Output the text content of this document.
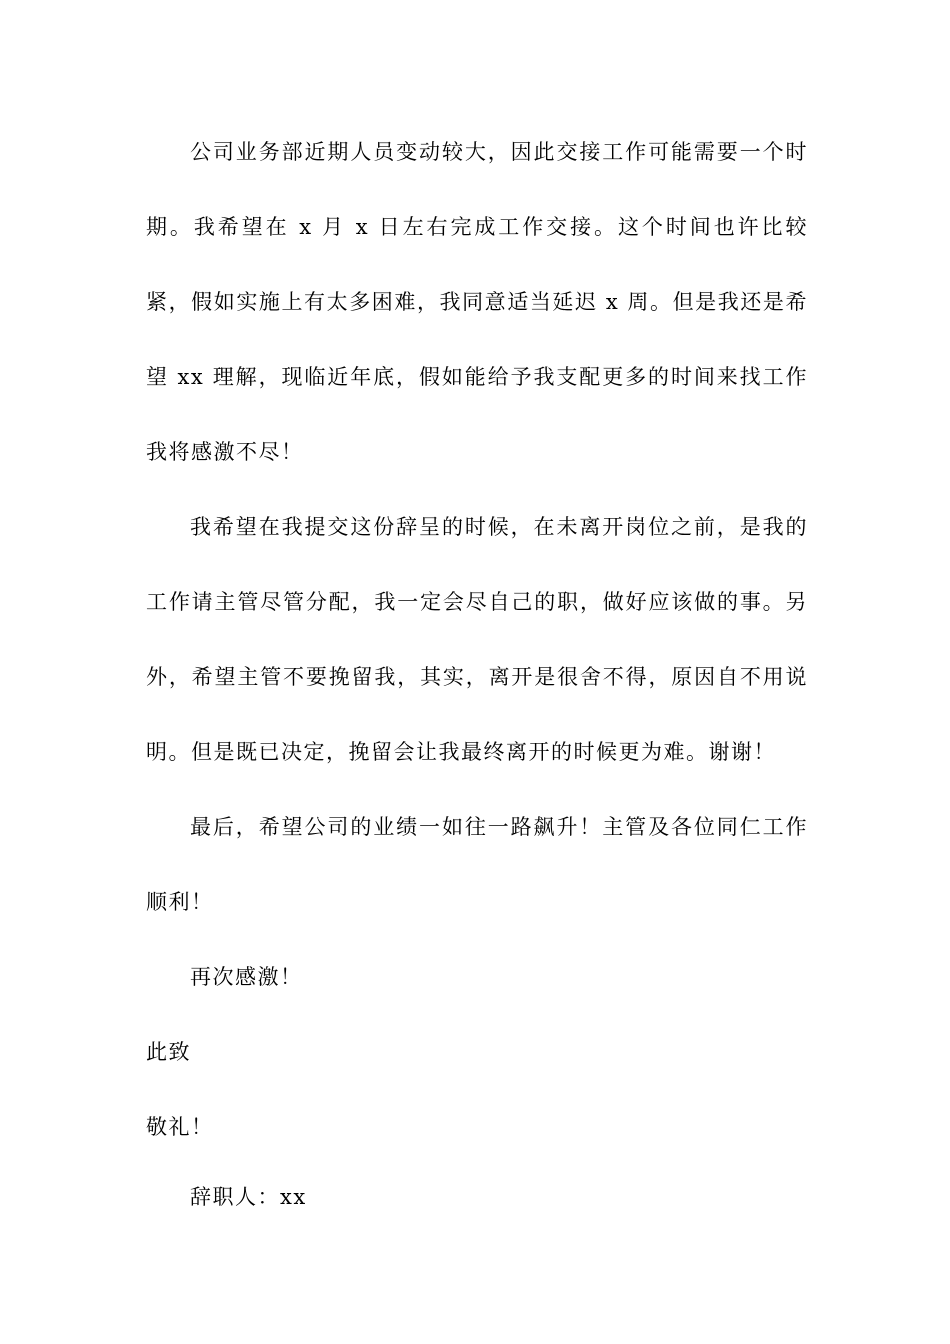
公司业务部近期人员变动较大，因此交接工作可能需要一个时期。我希望在 x 月 x 日左右完成工作交接。这个时间也许比较紧，假如实施上有太多困难，我同意适当延迟 x 周。但是我还是希望 xx 理解，现临近年底，假如能给予我支配更多的时间来找工作我将感激不尽！

我希望在我提交这份辞呈的时候，在未离开岗位之前，是我的工作请主管尽管分配，我一定会尽自己的职，做好应该做的事。另外，希望主管不要挽留我，其实，离开是很舍不得，原因自不用说明。但是既已决定，挽留会让我最终离开的时候更为难。谢谢！

最后，希望公司的业绩一如往一路飙升！主管及各位同仁工作顺利！

再次感激！

此致

敬礼！

辞职人：xx
